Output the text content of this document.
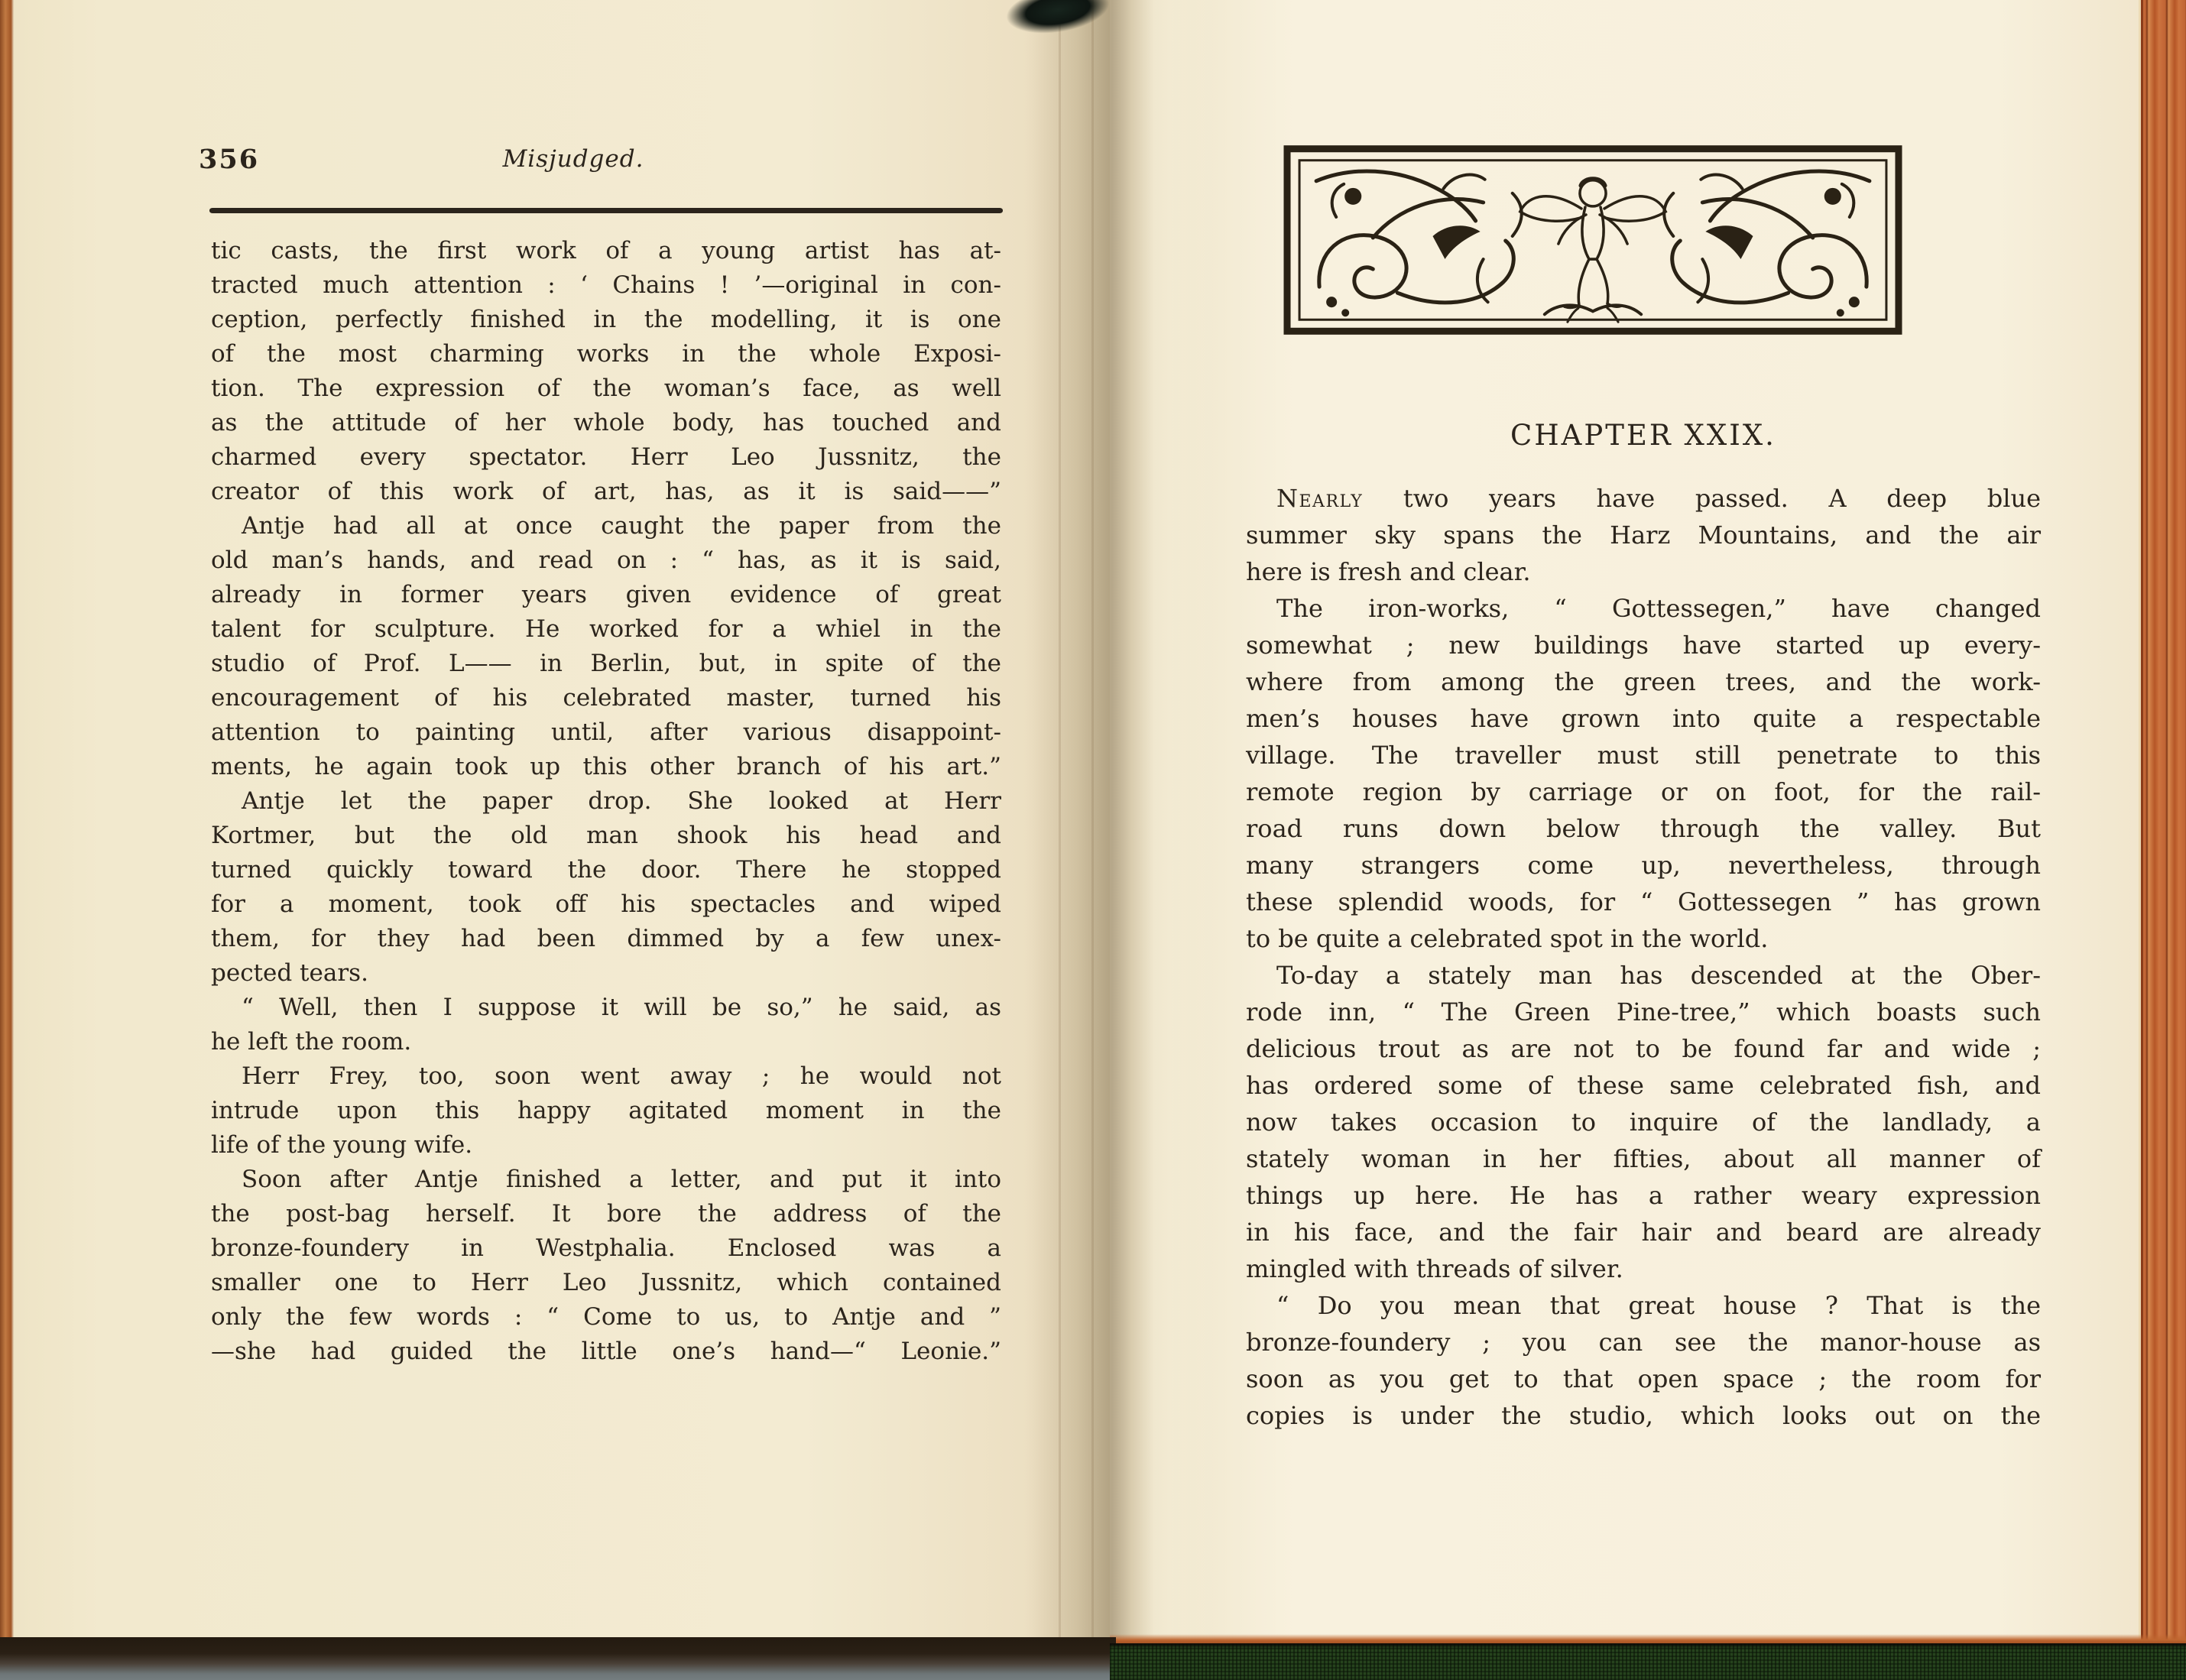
356	Misjudged.
tic casts, the first work of a young artist has at-
tracted much attention : ‘ Chains ! ’—original in con-
ception, perfectly finished in the modelling, it is one
of the most charming works in the whole Exposi-
tion. The expression of the woman’s face, as well
as the attitude of her whole body, has touched and
charmed every spectator. Herr Leo Jussnitz, the
creator of this work of art, has, as it is said——”
Antje had all at once caught the paper from the
old man’s hands, and read on : “ has, as it is said,
already in former years given evidence of great
talent for sculpture. He worked for a whiel in the
studio of Prof. L—— in Berlin, but, in spite of the
encouragement of his celebrated master, turned his
attention to painting until, after various disappoint-
ments, he again took up this other branch of his art.”
Antje let the paper drop. She looked at Herr
Kortmer, but the old man shook his head and
turned quickly toward the door. There he stopped
for a moment, took off his spectacles and wiped
them, for they had been dimmed by a few unex-
pected tears.
“ Well, then I suppose it will be so,” he said, as
he left the room.
Herr Frey, too, soon went away ; he would not
intrude upon this happy agitated moment in the
life of the young wife.
Soon after Antje finished a letter, and put it into
the post-bag herself. It bore the address of the
bronze-foundery in Westphalia. Enclosed was a
smaller one to Herr Leo Jussnitz, which contained
only the few words : “ Come to us, to Antje and ”
—she had guided the little one’s hand—“ Leonie.”
CHAPTER XXIX.
Nearly two years have passed. A deep blue
summer sky spans the Harz Mountains, and the air
here is fresh and clear.
The iron-works, “ Gottessegen,” have changed
somewhat ; new buildings have started up every-
where from among the green trees, and the work-
men’s houses have grown into quite a respectable
village. The traveller must still penetrate to this
remote region by carriage or on foot, for the rail-
road runs down below through the valley. But
many strangers come up, nevertheless, through
these splendid woods, for “ Gottessegen ” has grown
to be quite a celebrated spot in the world.
To-day a stately man has descended at the Ober-
rode inn, “ The Green Pine-tree,” which boasts such
delicious trout as are not to be found far and wide ;
has ordered some of these same celebrated fish, and
now takes occasion to inquire of the landlady, a
stately woman in her fifties, about all manner of
things up here. He has a rather weary expression
in his face, and the fair hair and beard are already
mingled with threads of silver.
“ Do you mean that great house ? That is the
bronze-foundery ; you can see the manor-house as
soon as you get to that open space ; the room for
copies is under the studio, which looks out on the
